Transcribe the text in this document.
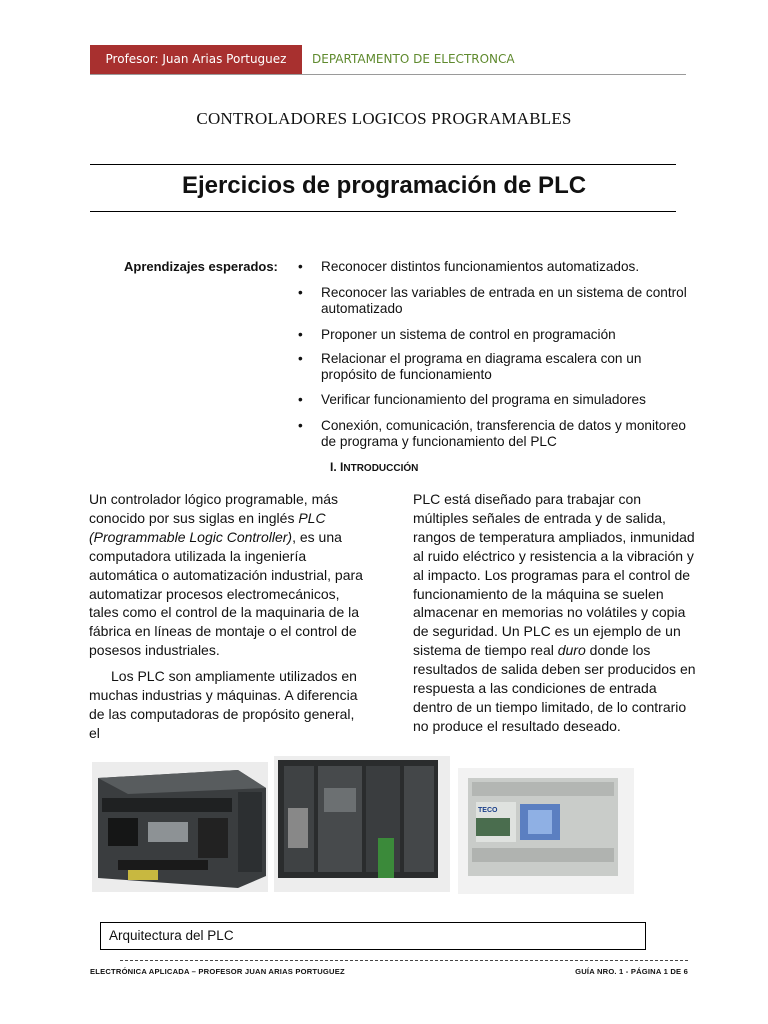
Profesor: Juan Arias Portuguez	DEPARTAMENTO DE ELECTRONCA
CONTROLADORES LOGICOS PROGRAMABLES
Ejercicios de programación de PLC
Aprendizajes esperados: • Reconocer distintos funcionamientos automatizados.
• Reconocer las variables de entrada en un sistema de control automatizado
• Proponer un sistema de control en programación
• Relacionar el programa en diagrama escalera con un propósito de funcionamiento
• Verificar funcionamiento del programa en simuladores
• Conexión, comunicación, transferencia de datos y monitoreo de programa y funcionamiento del PLC
I. INTRODUCCIÓN

Un controlador lógico programable, más conocido por sus siglas en inglés PLC (Programmable Logic Controller), es una computadora utilizada la ingeniería automática o automatización industrial, para automatizar procesos electromecánicos, tales como el control de la maquinaria de la fábrica en líneas de montaje o el control de posesos industriales.

Los PLC son ampliamente utilizados en muchas industrias y máquinas. A diferencia de las computadoras de propósito general, el

PLC está diseñado para trabajar con múltiples señales de entrada y de salida, rangos de temperatura ampliados, inmunidad al ruido eléctrico y resistencia a la vibración y al impacto. Los programas para el control de funcionamiento de la máquina se suelen almacenar en memorias no volátiles y copia de seguridad. Un PLC es un ejemplo de un sistema de tiempo real duro donde los resultados de salida deben ser producidos en respuesta a las condiciones de entrada dentro de un tiempo limitado, de lo contrario no produce el resultado deseado.

TECO
Arquitectura del PLC
ELECTRÓNICA APLICADA – PROFESOR JUAN ARIAS PORTUGUEZ	GUÍA NRO. 1 - PÁGINA 1 DE 6
